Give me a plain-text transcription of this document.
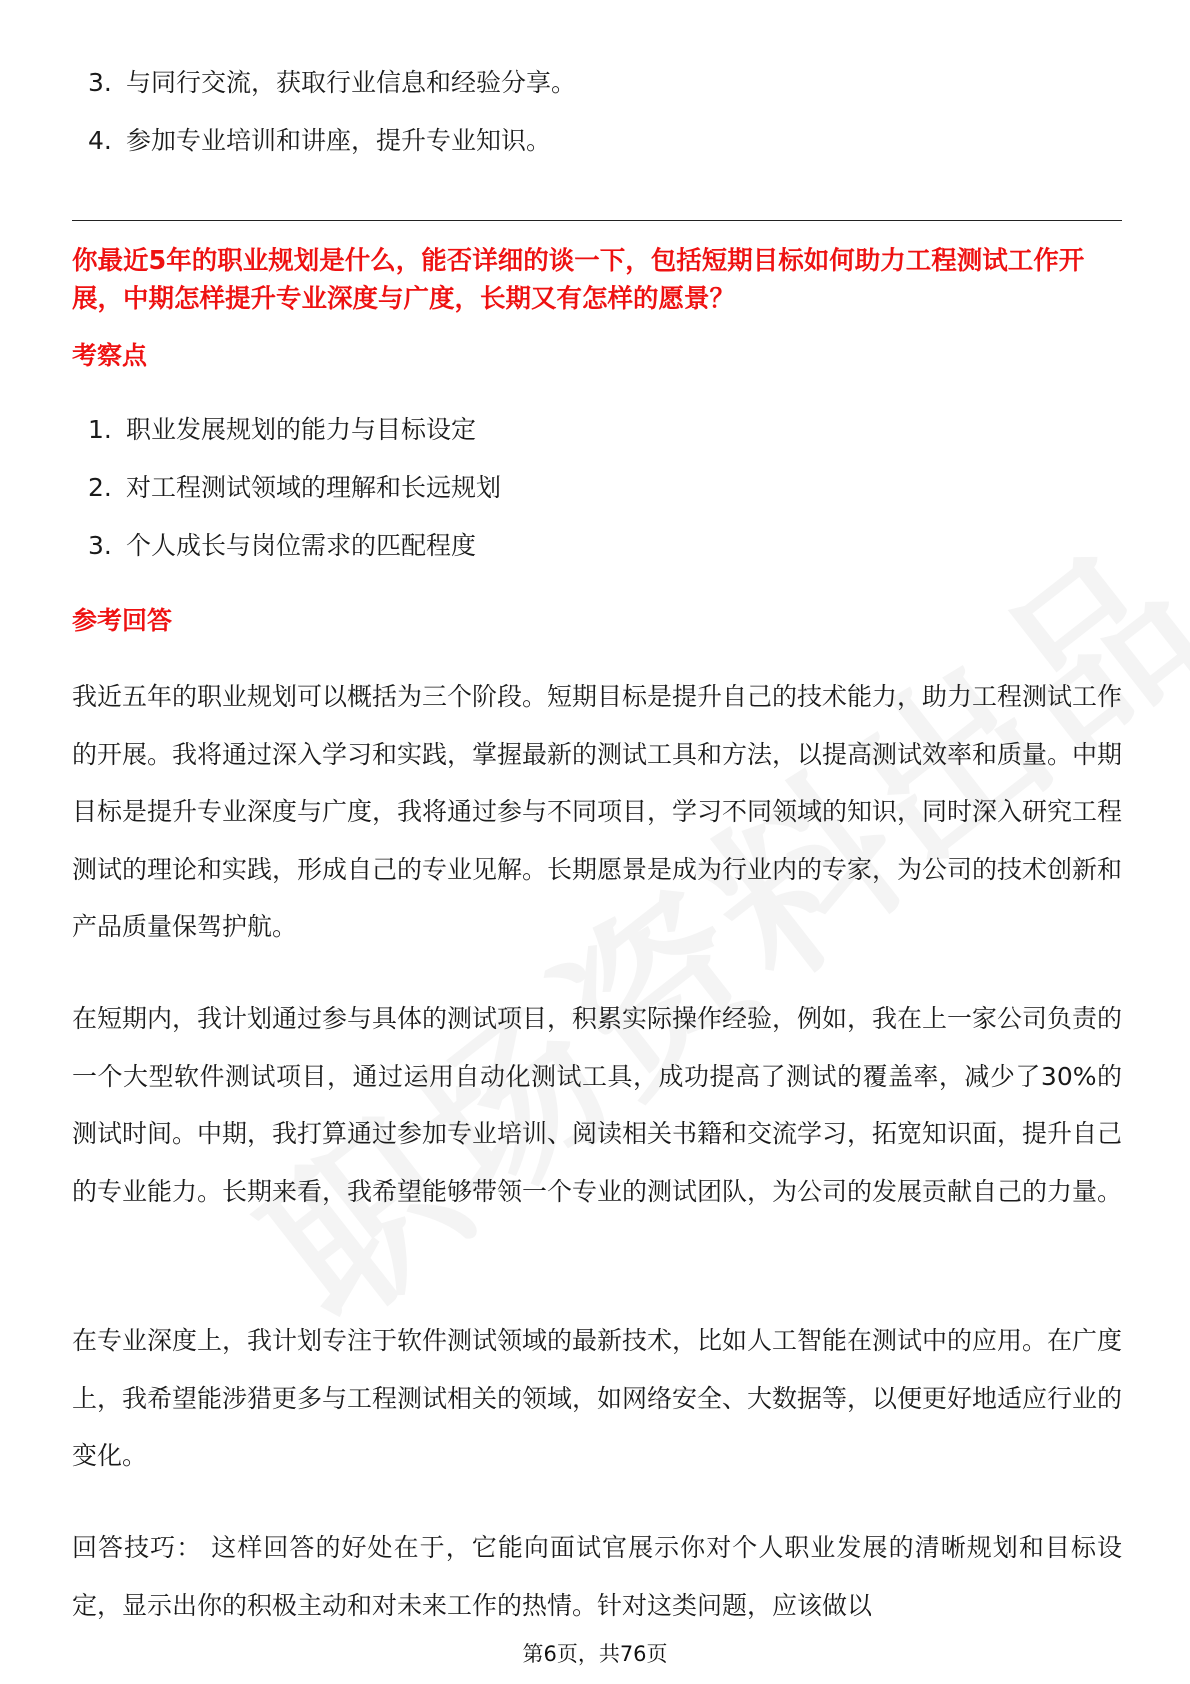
3. 与同行交流，获取行业信息和经验分享。
4. 参加专业培训和讲座，提升专业知识。

你最近5年的职业规划是什么，能否详细的谈一下，包括短期目标如何助力工程测试工作开展，中期怎样提升专业深度与广度，长期又有怎样的愿景？

考察点

1. 职业发展规划的能力与目标设定
2. 对工程测试领域的理解和长远规划
3. 个人成长与岗位需求的匹配程度

参考回答

我近五年的职业规划可以概括为三个阶段。短期目标是提升自己的技术能力，助力工程测试工作的开展。我将通过深入学习和实践，掌握最新的测试工具和方法，以提高测试效率和质量。中期目标是提升专业深度与广度，我将通过参与不同项目，学习不同领域的知识，同时深入研究工程测试的理论和实践，形成自己的专业见解。长期愿景是成为行业内的专家，为公司的技术创新和产品质量保驾护航。

在短期内，我计划通过参与具体的测试项目，积累实际操作经验，例如，我在上一家公司负责的一个大型软件测试项目，通过运用自动化测试工具，成功提高了测试的覆盖率，减少了30%的测试时间。中期，我打算通过参加专业培训、阅读相关书籍和交流学习，拓宽知识面，提升自己的专业能力。长期来看，我希望能够带领一个专业的测试团队，为公司的发展贡献自己的力量。

在专业深度上，我计划专注于软件测试领域的最新技术，比如人工智能在测试中的应用。在广度上，我希望能涉猎更多与工程测试相关的领域，如网络安全、大数据等，以便更好地适应行业的变化。

回答技巧： 这样回答的好处在于，它能向面试官展示你对个人职业发展的清晰规划和目标设定，显示出你的积极主动和对未来工作的热情。针对这类问题，应该做以

第6页，共76页
